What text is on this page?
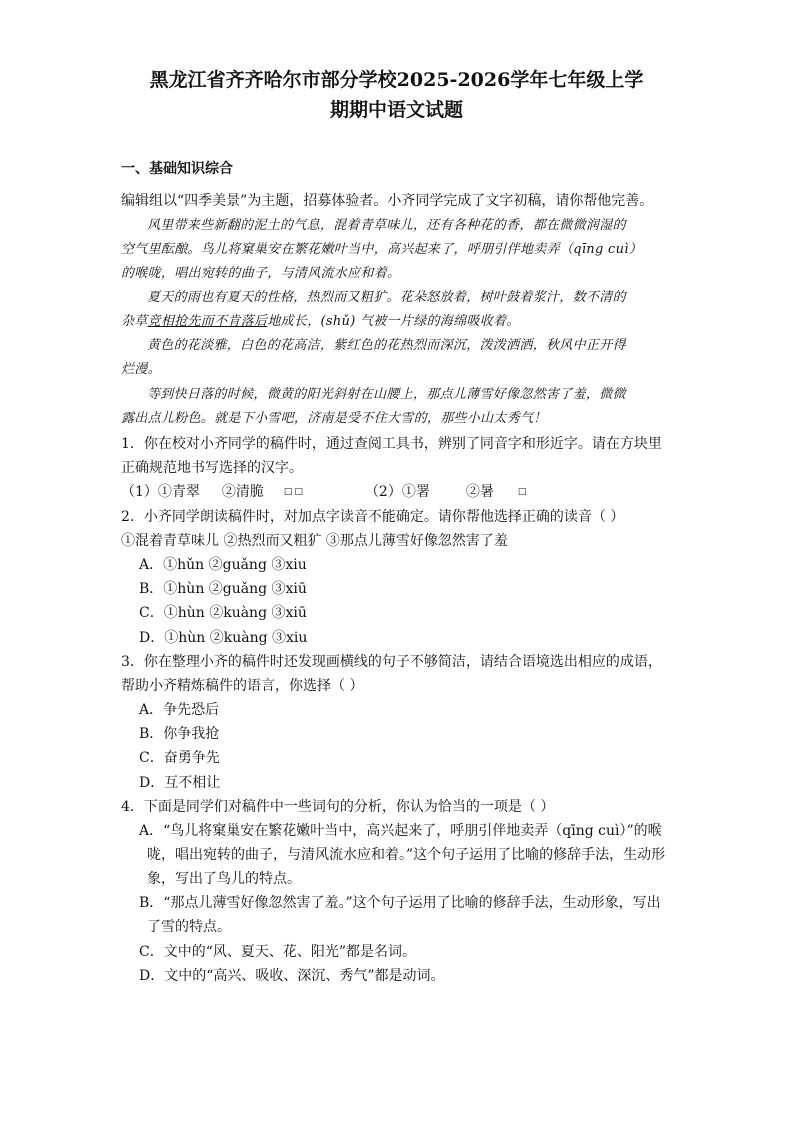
黑龙江省齐齐哈尔市部分学校2025-2026学年七年级上学
期期中语文试题
一、基础知识综合
编辑组以“四季美景”为主题，招募体验者。小齐同学完成了文字初稿，请你帮他完善。
风里带来些新翻的泥土的气息，混着青草味儿，还有各种花的香，都在微微润湿的
空气里酝酿。鸟儿将窠巢安在繁花嫩叶当中，高兴起来了，呼朋引伴地卖弄（qīng cuì）
的喉咙，唱出宛转的曲子，与清风流水应和着。
夏天的雨也有夏天的性格，热烈而又粗犷。花朵怒放着，树叶鼓着浆汁，数不清的
杂草竞相抢先而不肯落后地成长，(shǔ) 气被一片绿的海绵吸收着。
黄色的花淡雅，白色的花高洁，紫红色的花热烈而深沉，泼泼洒洒，秋风中正开得
烂漫。
等到快日落的时候，微黄的阳光斜射在山腰上，那点儿薄雪好像忽然害了羞，微微
露出点儿粉色。就是下小雪吧，济南是受不住大雪的，那些小山太秀气！
1．你在校对小齐同学的稿件时，通过查阅工具书，辨别了同音字和形近字。请在方块里
正确规范地书写选择的汉字。
（1）①青翠 ②清脆 □□	（2）①署	②暑	□
2．小齐同学朗读稿件时，对加点字读音不能确定。请你帮他选择正确的读音（ ）
①混着青草味儿 ②热烈而又粗犷 ③那点儿薄雪好像忽然害了羞
A．①hǔn ②guǎng ③xiu
B．①hùn ②guǎng ③xiū
C．①hùn ②kuàng ③xiū
D．①hùn ②kuàng ③xiu
3．你在整理小齐的稿件时还发现画横线的句子不够简洁，请结合语境选出相应的成语，
帮助小齐精炼稿件的语言，你选择（ ）
A．争先恐后
B．你争我抢
C．奋勇争先
D．互不相让
4．下面是同学们对稿件中一些词句的分析，你认为恰当的一项是（ ）
A．“鸟儿将窠巢安在繁花嫩叶当中，高兴起来了，呼朋引伴地卖弄（qīng cuì）”的喉
咙，唱出宛转的曲子，与清风流水应和着。”这个句子运用了比喻的修辞手法，生动形
象，写出了鸟儿的特点。
B．“那点儿薄雪好像忽然害了羞。”这个句子运用了比喻的修辞手法，生动形象，写出
了雪的特点。
C．文中的“风、夏天、花、阳光”都是名词。
D．文中的“高兴、吸收、深沉、秀气”都是动词。
